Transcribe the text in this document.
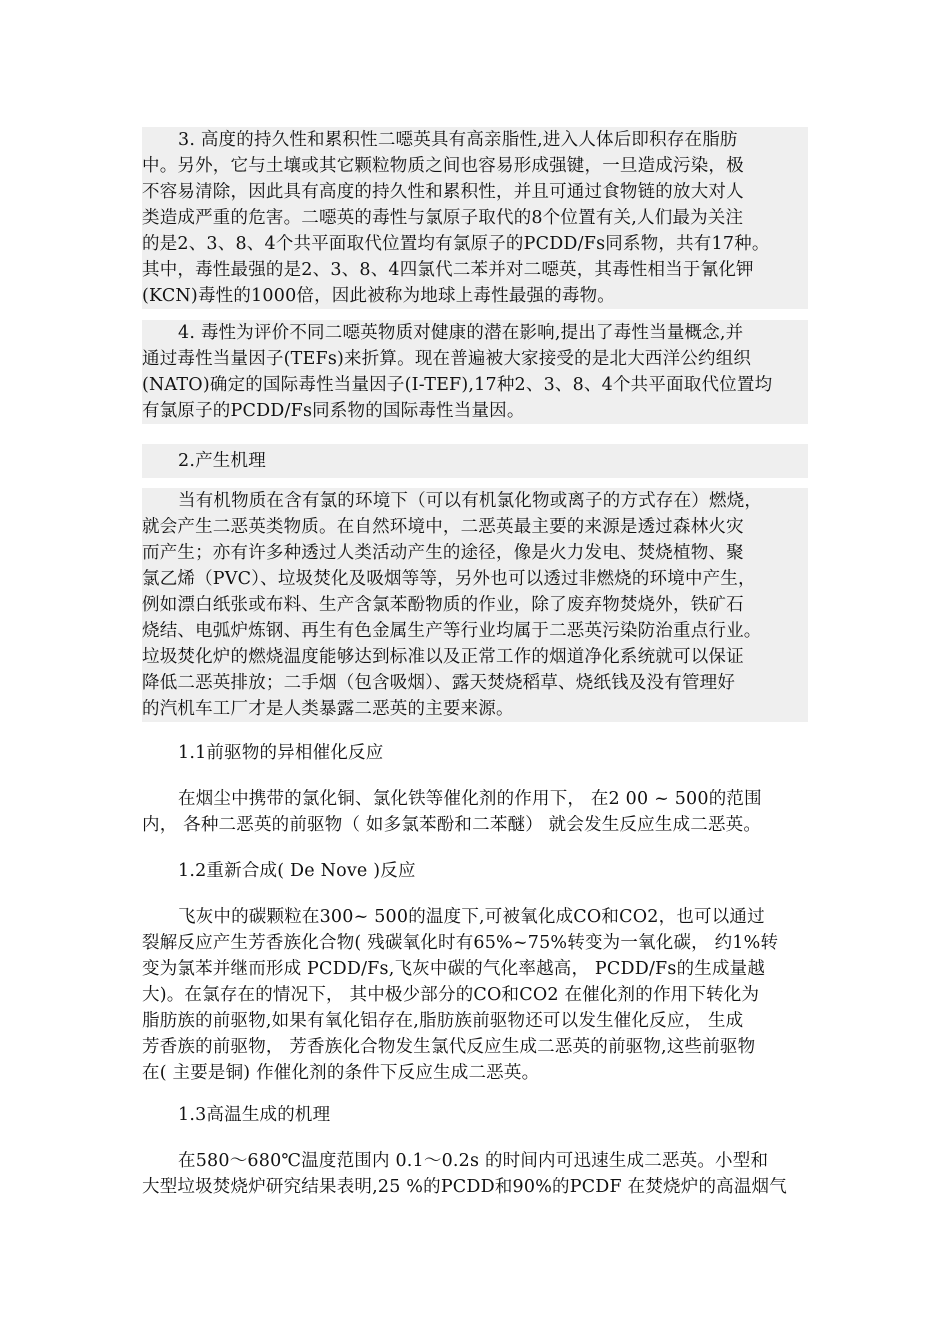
3. 高度的持久性和累积性二噁英具有高亲脂性,进入人体后即积存在脂肪
中。另外，它与土壤或其它颗粒物质之间也容易形成强键，一旦造成污染，极
不容易清除，因此具有高度的持久性和累积性，并且可通过食物链的放大对人
类造成严重的危害。二噁英的毒性与氯原子取代的8个位置有关,人们最为关注
的是2、3、8、4个共平面取代位置均有氯原子的PCDD/Fs同系物，共有17种。
其中，毒性最强的是2、3、8、4四氯代二苯并对二噁英，其毒性相当于氰化钾
(KCN)毒性的1000倍，因此被称为地球上毒性最强的毒物。
4. 毒性为评价不同二噁英物质对健康的潜在影响,提出了毒性当量概念,并
通过毒性当量因子(TEFs)来折算。现在普遍被大家接受的是北大西洋公约组织
(NATO)确定的国际毒性当量因子(I-TEF),17种2、3、8、4个共平面取代位置均
有氯原子的PCDD/Fs同系物的国际毒性当量因。
2.产生机理
当有机物质在含有氯的环境下（可以有机氯化物或离子的方式存在）燃烧，
就会产生二恶英类物质。在自然环境中，二恶英最主要的来源是透过森林火灾
而产生；亦有许多种透过人类活动产生的途径，像是火力发电、焚烧植物、聚
氯乙烯（PVC）、垃圾焚化及吸烟等等，另外也可以透过非燃烧的环境中产生，
例如漂白纸张或布料、生产含氯苯酚物质的作业，除了废弃物焚烧外，铁矿石
烧结、电弧炉炼钢、再生有色金属生产等行业均属于二恶英污染防治重点行业。
垃圾焚化炉的燃烧温度能够达到标准以及正常工作的烟道净化系统就可以保证
降低二恶英排放；二手烟（包含吸烟）、露天焚烧稻草、烧纸钱及没有管理好
的汽机车工厂才是人类暴露二恶英的主要来源。
1.1前驱物的异相催化反应
在烟尘中携带的氯化铜、氯化铁等催化剂的作用下， 在2 00 ~ 500的范围
内， 各种二恶英的前驱物（ 如多氯苯酚和二苯醚） 就会发生反应生成二恶英。
1.2重新合成( De Nove )反应
飞灰中的碳颗粒在300~ 500的温度下,可被氧化成CO和CO2，也可以通过
裂解反应产生芳香族化合物( 残碳氧化时有65%~75%转变为一氧化碳， 约1%转
变为氯苯并继而形成 PCDD/Fs,飞灰中碳的气化率越高， PCDD/Fs的生成量越
大)。在氯存在的情况下， 其中极少部分的CO和CO2 在催化剂的作用下转化为
脂肪族的前驱物,如果有氧化铝存在,脂肪族前驱物还可以发生催化反应， 生成
芳香族的前驱物， 芳香族化合物发生氯代反应生成二恶英的前驱物,这些前驱物
在( 主要是铜) 作催化剂的条件下反应生成二恶英。
1.3高温生成的机理
在580～680℃温度范围内 0.1～0.2s 的时间内可迅速生成二恶英。小型和
大型垃圾焚烧炉研究结果表明,25 %的PCDD和90%的PCDF 在焚烧炉的高温烟气
